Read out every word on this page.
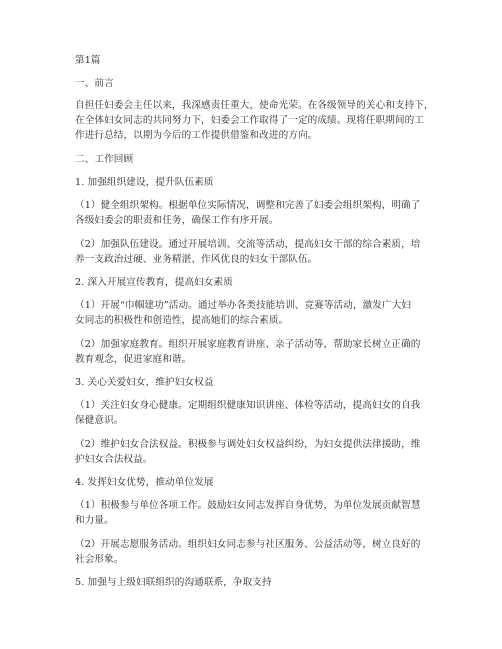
第1篇
一、前言
自担任妇委会主任以来，我深感责任重大，使命光荣。在各级领导的关心和支持下，
在全体妇女同志的共同努力下，妇委会工作取得了一定的成绩。现将任职期间的工
作进行总结，以期为今后的工作提供借鉴和改进的方向。
二、工作回顾
1. 加强组织建设，提升队伍素质
（1）健全组织架构。根据单位实际情况，调整和完善了妇委会组织架构，明确了
各级妇委会的职责和任务，确保工作有序开展。
（2）加强队伍建设。通过开展培训、交流等活动，提高妇女干部的综合素质，培
养一支政治过硬、业务精湛、作风优良的妇女干部队伍。
2. 深入开展宣传教育，提高妇女素质
（1）开展“巾帼建功”活动。通过举办各类技能培训、竞赛等活动，激发广大妇
女同志的积极性和创造性，提高她们的综合素质。
（2）加强家庭教育。组织开展家庭教育讲座、亲子活动等，帮助家长树立正确的
教育观念，促进家庭和谐。
3. 关心关爱妇女，维护妇女权益
（1）关注妇女身心健康。定期组织健康知识讲座、体检等活动，提高妇女的自我
保健意识。
（2）维护妇女合法权益。积极参与调处妇女权益纠纷，为妇女提供法律援助，维
护妇女合法权益。
4. 发挥妇女优势，推动单位发展
（1）积极参与单位各项工作。鼓励妇女同志发挥自身优势，为单位发展贡献智慧
和力量。
（2）开展志愿服务活动。组织妇女同志参与社区服务、公益活动等，树立良好的
社会形象。
5. 加强与上级妇联组织的沟通联系，争取支持
